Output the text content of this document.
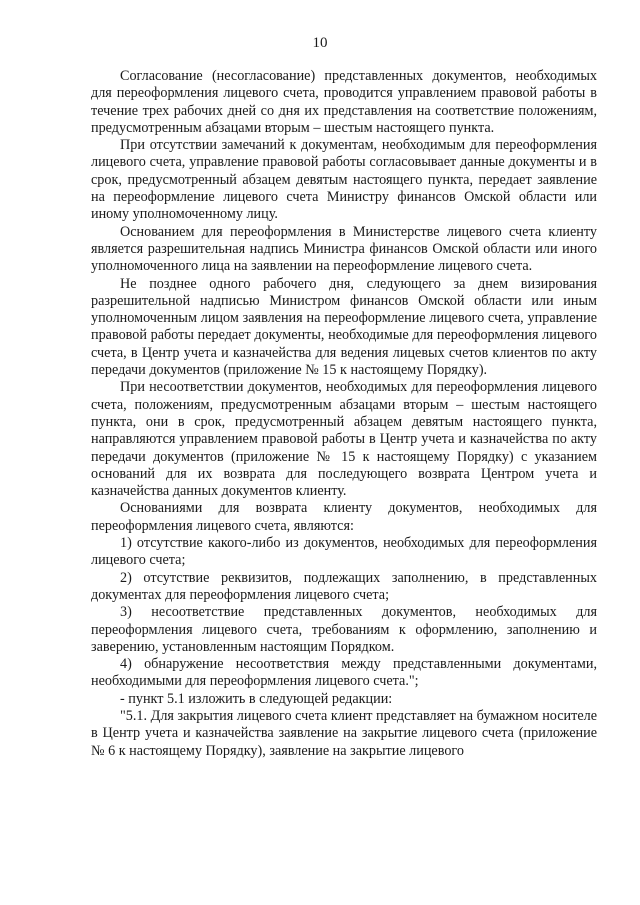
10

Согласование (несогласование) представленных документов, необходимых для переоформления лицевого счета, проводится управлением правовой работы в течение трех рабочих дней со дня их представления на соответствие положениям, предусмотренным абзацами вторым – шестым настоящего пункта.

При отсутствии замечаний к документам, необходимым для переоформления лицевого счета, управление правовой работы согласовывает данные документы и в срок, предусмотренный абзацем девятым настоящего пункта, передает заявление на переоформление лицевого счета Министру финансов Омской области или иному уполномоченному лицу.

Основанием для переоформления в Министерстве лицевого счета клиенту является разрешительная надпись Министра финансов Омской области или иного уполномоченного лица на заявлении на переоформление лицевого счета.

Не позднее одного рабочего дня, следующего за днем визирования разрешительной надписью Министром финансов Омской области или иным уполномоченным лицом заявления на переоформление лицевого счета, управление правовой работы передает документы, необходимые для переоформления лицевого счета, в Центр учета и казначейства для ведения лицевых счетов клиентов по акту передачи документов (приложение № 15 к настоящему Порядку).

При несоответствии документов, необходимых для переоформления лицевого счета, положениям, предусмотренным абзацами вторым – шестым настоящего пункта, они в срок, предусмотренный абзацем девятым настоящего пункта, направляются управлением правовой работы в Центр учета и казначейства по акту передачи документов (приложение № 15 к настоящему Порядку) с указанием оснований для их возврата для последующего возврата Центром учета и казначейства данных документов клиенту.

Основаниями для возврата клиенту документов, необходимых для переоформления лицевого счета, являются:

1) отсутствие какого-либо из документов, необходимых для переоформления лицевого счета;

2) отсутствие реквизитов, подлежащих заполнению, в представленных документах для переоформления лицевого счета;

3) несоответствие представленных документов, необходимых для переоформления лицевого счета, требованиям к оформлению, заполнению и заверению, установленным настоящим Порядком.

4) обнаружение несоответствия между представленными документами, необходимыми для переоформления лицевого счета.";

- пункт 5.1 изложить в следующей редакции:

"5.1. Для закрытия лицевого счета клиент представляет на бумажном носителе в Центр учета и казначейства заявление на закрытие лицевого счета (приложение № 6 к настоящему Порядку), заявление на закрытие лицевого
